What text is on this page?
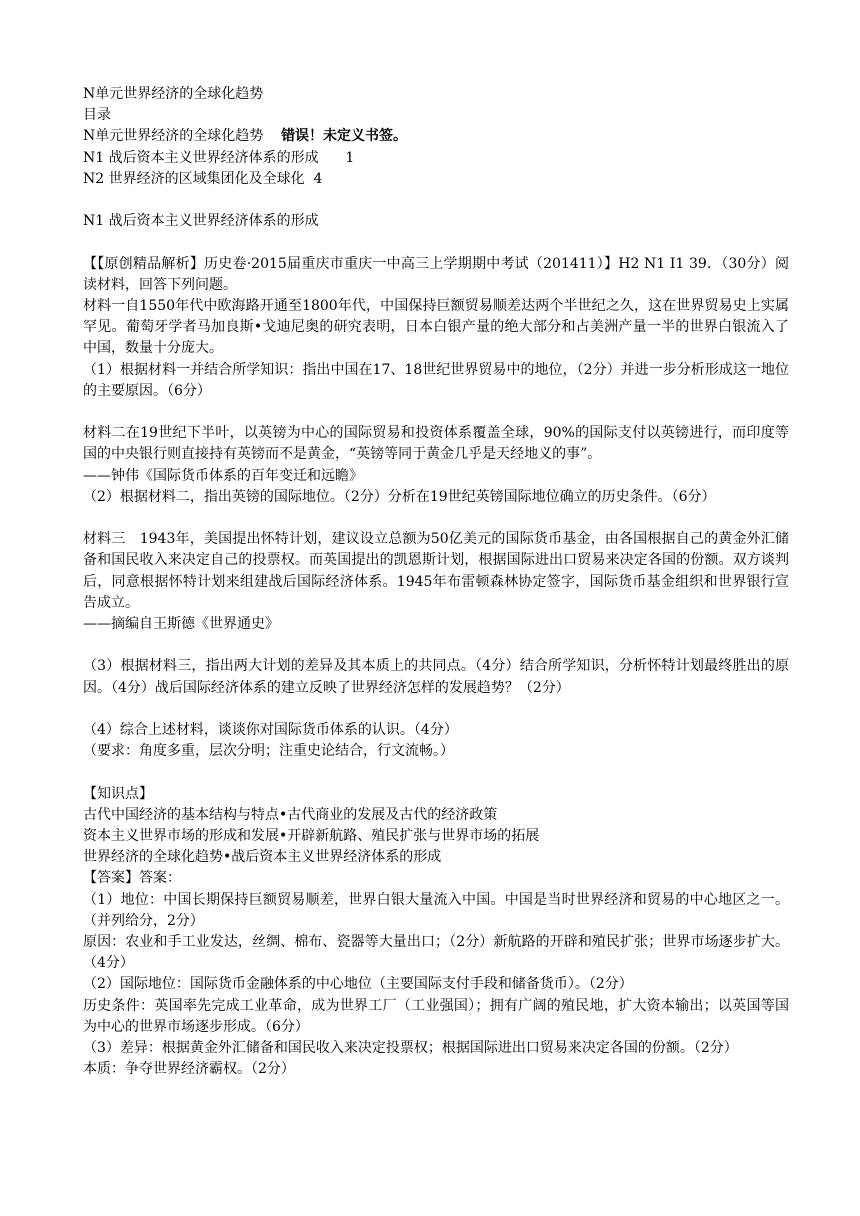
N单元世界经济的全球化趋势
目录
N单元世界经济的全球化趋势 错误！未定义书签。
N1 战后资本主义世界经济体系的形成 1
N2 世界经济的区域集团化及全球化 4
N1 战后资本主义世界经济体系的形成
【【原创精品解析】历史卷·2015届重庆市重庆一中高三上学期期中考试（201411）】H2 N1 I1 39．（30分）阅读材料，回答下列问题。
材料一自1550年代中欧海路开通至1800年代，中国保持巨额贸易顺差达两个半世纪之久，这在世界贸易史上实属罕见。葡萄牙学者马加良斯•戈迪尼奥的研究表明，日本白银产量的绝大部分和占美洲产量一半的世界白银流入了中国，数量十分庞大。
（1）根据材料一并结合所学知识：指出中国在17、18世纪世界贸易中的地位，（2分）并进一步分析形成这一地位的主要原因。（6分）
材料二在19世纪下半叶，以英镑为中心的国际贸易和投资体系覆盖全球，90%的国际支付以英镑进行，而印度等国的中央银行则直接持有英镑而不是黄金，“英镑等同于黄金几乎是天经地义的事”。
——钟伟《国际货币体系的百年变迁和远瞻》
（2）根据材料二，指出英镑的国际地位。（2分）分析在19世纪英镑国际地位确立的历史条件。（6分）
材料三　1943年，美国提出怀特计划，建议设立总额为50亿美元的国际货币基金，由各国根据自己的黄金外汇储备和国民收入来决定自己的投票权。而英国提出的凯恩斯计划，根据国际进出口贸易来决定各国的份额。双方谈判后，同意根据怀特计划来组建战后国际经济体系。1945年布雷顿森林协定签字，国际货币基金组织和世界银行宣告成立。
——摘编自王斯德《世界通史》
（3）根据材料三，指出两大计划的差异及其本质上的共同点。（4分）结合所学知识，分析怀特计划最终胜出的原因。（4分）战后国际经济体系的建立反映了世界经济怎样的发展趋势？（2分）
（4）综合上述材料，谈谈你对国际货币体系的认识。（4分）
（要求：角度多重，层次分明；注重史论结合，行文流畅。）
【知识点】
古代中国经济的基本结构与特点•古代商业的发展及古代的经济政策
资本主义世界市场的形成和发展•开辟新航路、殖民扩张与世界市场的拓展
世界经济的全球化趋势•战后资本主义世界经济体系的形成
【答案】答案：
（1）地位：中国长期保持巨额贸易顺差，世界白银大量流入中国。中国是当时世界经济和贸易的中心地区之一。（并列给分，2分）
原因：农业和手工业发达，丝绸、棉布、瓷器等大量出口；（2分）新航路的开辟和殖民扩张；世界市场逐步扩大。（4分）
（2）国际地位：国际货币金融体系的中心地位（主要国际支付手段和储备货币）。（2分）
历史条件：英国率先完成工业革命，成为世界工厂（工业强国）；拥有广阔的殖民地，扩大资本输出；以英国等国为中心的世界市场逐步形成。（6分）
（3）差异：根据黄金外汇储备和国民收入来决定投票权；根据国际进出口贸易来决定各国的份额。（2分）
本质：争夺世界经济霸权。（2分）
